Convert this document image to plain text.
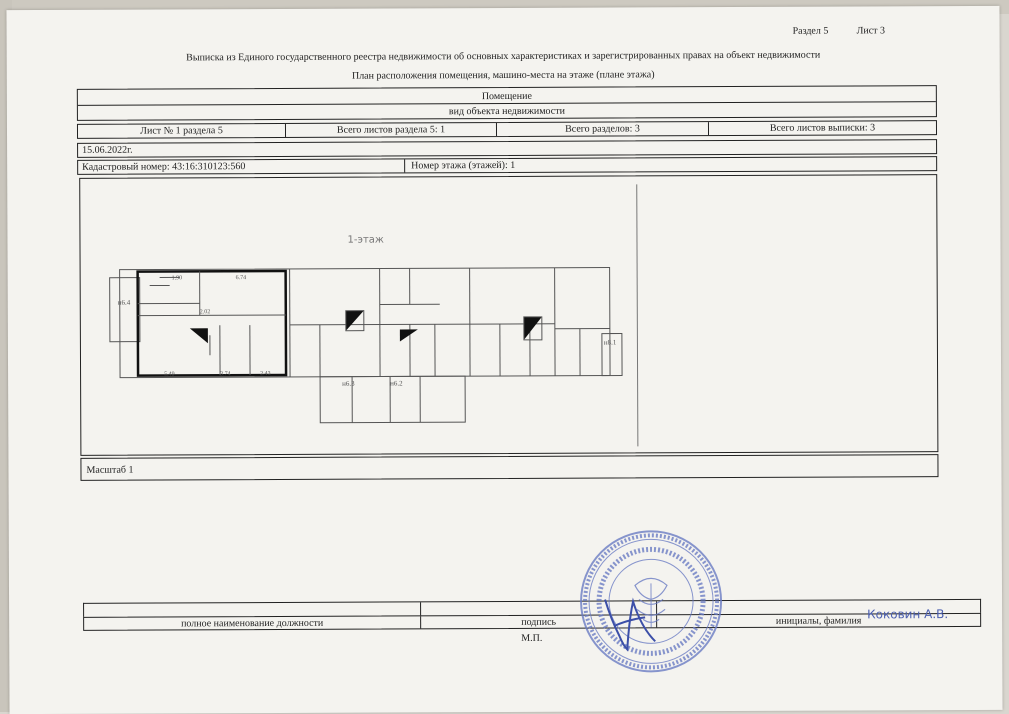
Раздел 5	Лист 3
Выписка из Единого государственного реестра недвижимости об основных характеристиках и зарегистрированных правах на объект недвижимости
План расположения помещения, машино-места на этаже (плане этажа)
Помещение
вид объекта недвижимости
Лист № 1 раздела 5	Всего листов раздела 5: 1	Всего разделов: 3	Всего листов выписки: 3
15.06.2022г.
Кадастровый номер: 43:16:310123:560	Номер этажа (этажей): 1
1-этаж
н6.3	н6.2
н8.1
н6.4
5.49	3.74	2.43
6.74
1.90
2.02
Масштаб 1
полное наименование должности	подпись	инициалы, фамилия Коковин А.В.
М.П.
